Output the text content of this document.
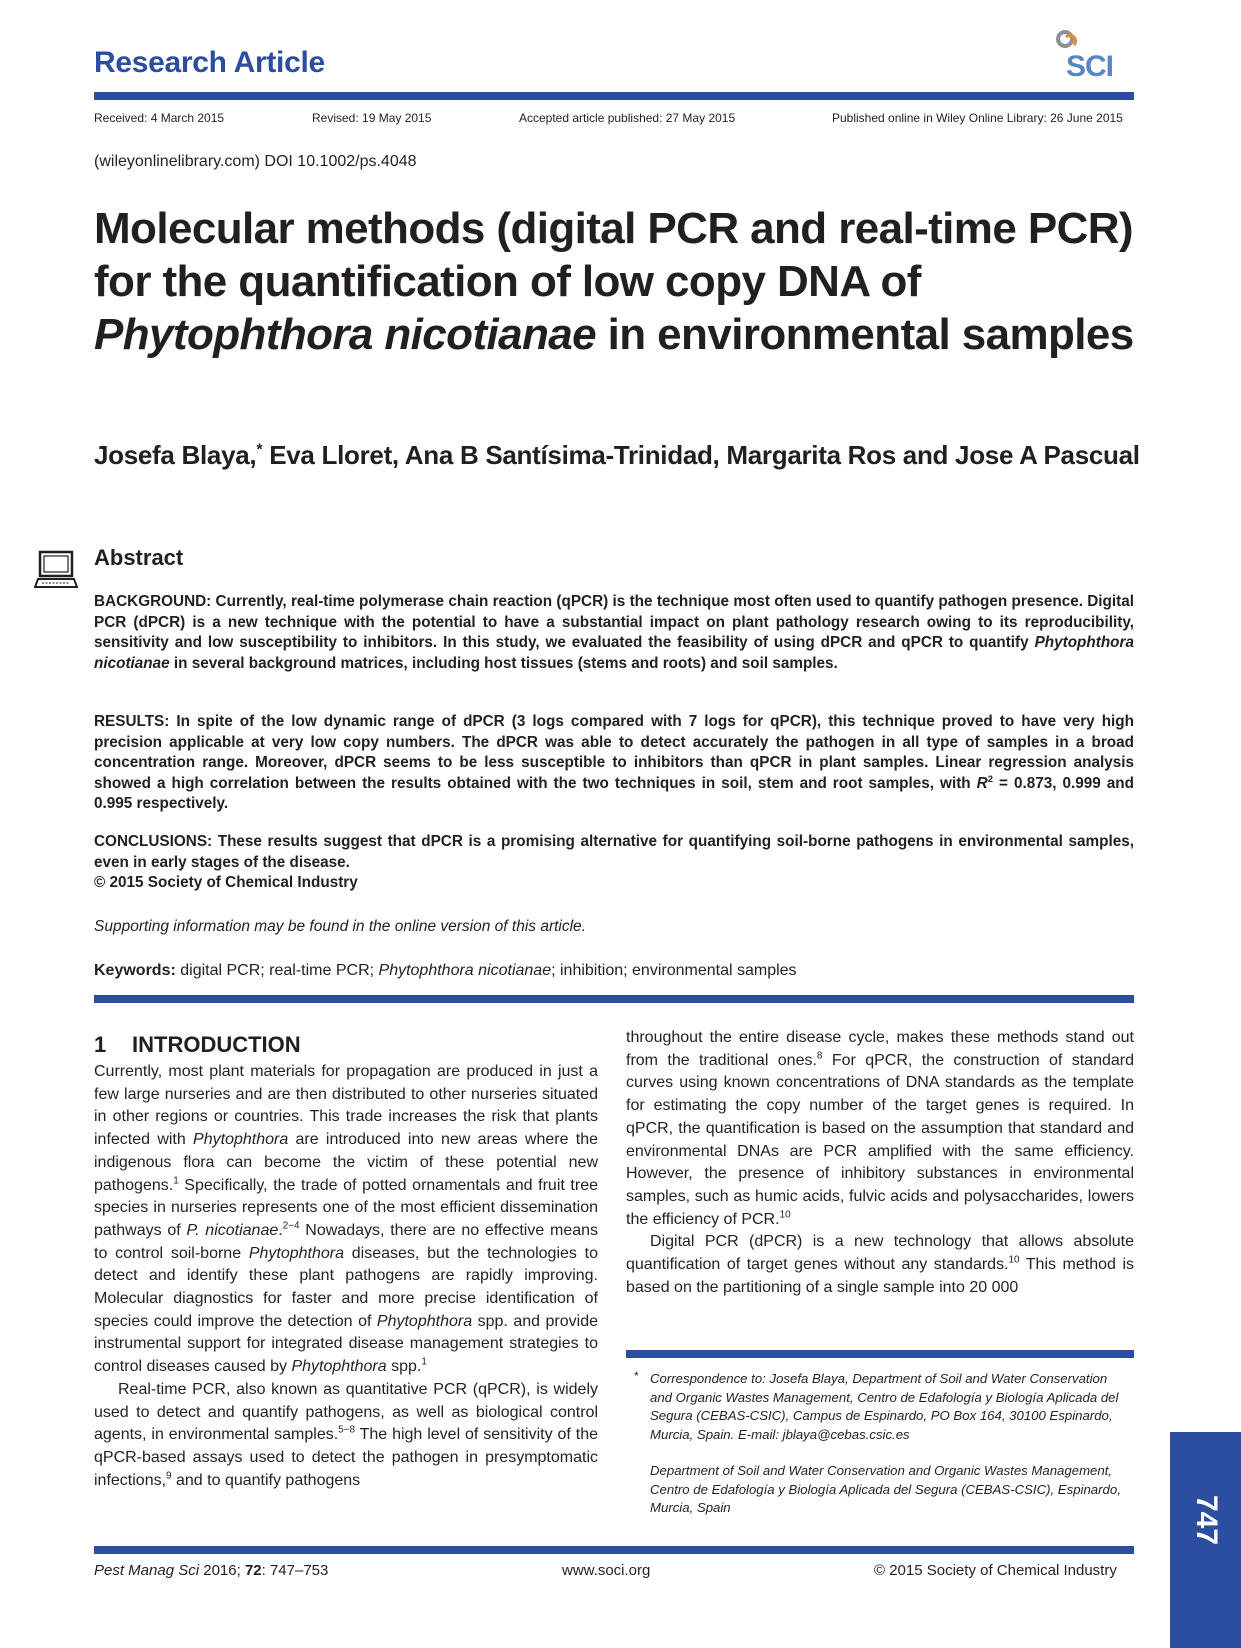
Research Article	SCI
Received: 4 March 2015	Revised: 19 May 2015	Accepted article published: 27 May 2015	Published online in Wiley Online Library: 26 June 2015
(wileyonlinelibrary.com) DOI 10.1002/ps.4048
Molecular methods (digital PCR and real-time PCR) for the quantification of low copy DNA of Phytophthora nicotianae in environmental samples
Josefa Blaya,* Eva Lloret, Ana B Santísima-Trinidad, Margarita Ros and Jose A Pascual
Abstract
BACKGROUND: Currently, real-time polymerase chain reaction (qPCR) is the technique most often used to quantify pathogen presence. Digital PCR (dPCR) is a new technique with the potential to have a substantial impact on plant pathology research owing to its reproducibility, sensitivity and low susceptibility to inhibitors. In this study, we evaluated the feasibility of using dPCR and qPCR to quantify Phytophthora nicotianae in several background matrices, including host tissues (stems and roots) and soil samples.
RESULTS: In spite of the low dynamic range of dPCR (3 logs compared with 7 logs for qPCR), this technique proved to have very high precision applicable at very low copy numbers. The dPCR was able to detect accurately the pathogen in all type of samples in a broad concentration range. Moreover, dPCR seems to be less susceptible to inhibitors than qPCR in plant samples. Linear regression analysis showed a high correlation between the results obtained with the two techniques in soil, stem and root samples, with $R^2 = 0.873$, 0.999 and 0.995 respectively.
CONCLUSIONS: These results suggest that dPCR is a promising alternative for quantifying soil-borne pathogens in environmental samples, even in early stages of the disease.
© 2015 Society of Chemical Industry
Supporting information may be found in the online version of this article.
Keywords: digital PCR; real-time PCR; Phytophthora nicotianae; inhibition; environmental samples
1 INTRODUCTION

Currently, most plant materials for propagation are produced in just a few large nurseries and are then distributed to other nurseries situated in other regions or countries. This trade increases the risk that plants infected with Phytophthora are introduced into new areas where the indigenous flora can become the victim of these potential new pathogens.$^1$ Specifically, the trade of potted ornamentals and fruit tree species in nurseries represents one of the most efficient dissemination pathways of P. nicotianae.$^{2-4}$ Nowadays, there are no effective means to control soil-borne Phytophthora diseases, but the technologies to detect and identify these plant pathogens are rapidly improving. Molecular diagnostics for faster and more precise identification of species could improve the detection of Phytophthora spp. and provide instrumental support for integrated disease management strategies to control diseases caused by Phytophthora spp.$^1$

Real-time PCR, also known as quantitative PCR (qPCR), is widely used to detect and quantify pathogens, as well as biological control agents, in environmental samples.$^{5-8}$ The high level of sensitivity of the qPCR-based assays used to detect the pathogen in presymptomatic infections,$^9$ and to quantify pathogens

throughout the entire disease cycle, makes these methods stand out from the traditional ones.$^8$ For qPCR, the construction of standard curves using known concentrations of DNA standards as the template for estimating the copy number of the target genes is required. In qPCR, the quantification is based on the assumption that standard and environmental DNAs are PCR amplified with the same efficiency. However, the presence of inhibitory substances in environmental samples, such as humic acids, fulvic acids and polysaccharides, lowers the efficiency of PCR.$^{10}$

Digital PCR (dPCR) is a new technology that allows absolute quantification of target genes without any standards.$^{10}$ This method is based on the partitioning of a single sample into 20 000

* Correspondence to: Josefa Blaya, Department of Soil and Water Conservation and Organic Wastes Management, Centro de Edafología y Biología Aplicada del Segura (CEBAS-CSIC), Campus de Espinardo, PO Box 164, 30100 Espinardo, Murcia, Spain. E-mail: jblaya@cebas.csic.es
Department of Soil and Water Conservation and Organic Wastes Management, Centro de Edafología y Biología Aplicada del Segura (CEBAS-CSIC), Espinardo, Murcia, Spain	747
Pest Manag Sci 2016; 72: 747–753	www.soci.org	© 2015 Society of Chemical Industry
